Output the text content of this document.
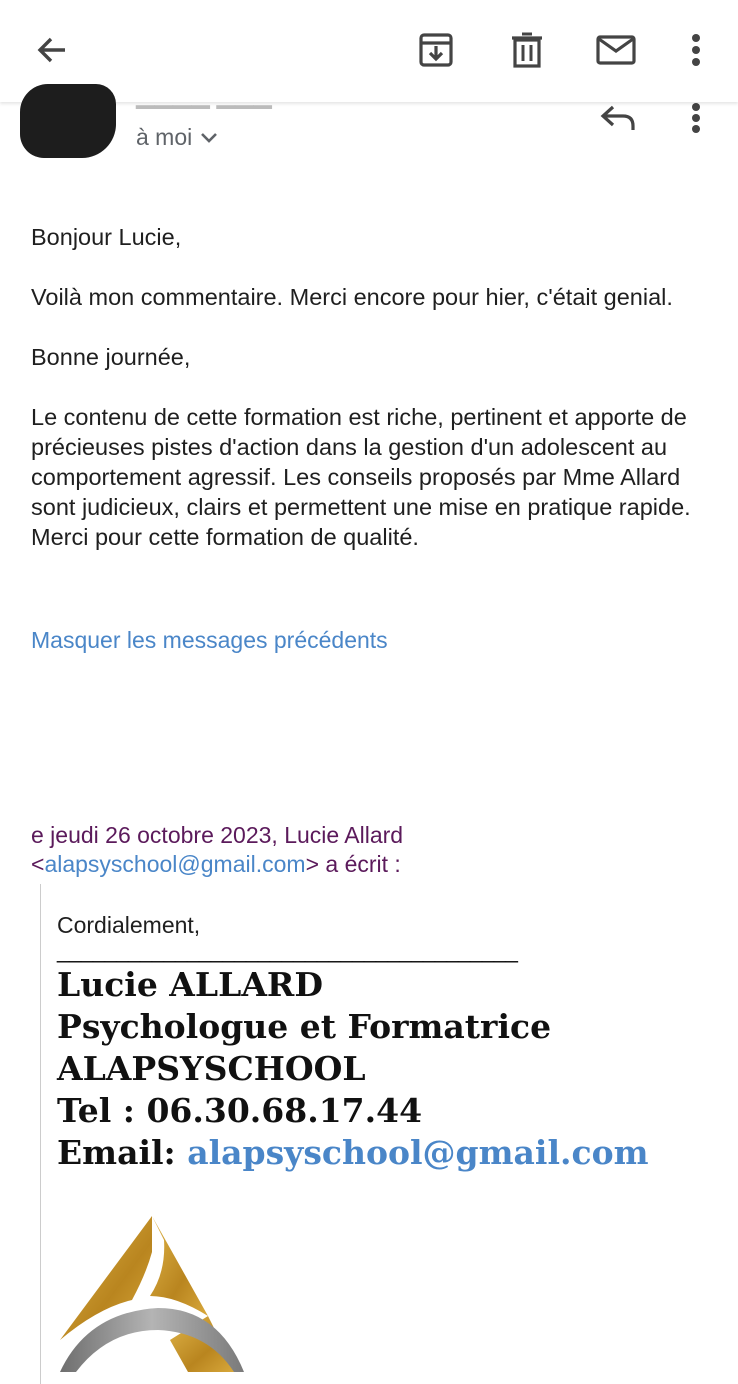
à moi
Bonjour Lucie,
Voilà mon commentaire. Merci encore pour hier, c'était genial.
Bonne journée,
Le contenu de cette formation est riche, pertinent et apporte de précieuses pistes d'action dans la gestion d'un adolescent au comportement agressif. Les conseils proposés par Mme Allard sont judicieux, clairs et permettent une mise en pratique rapide. Merci pour cette formation de qualité.
Masquer les messages précédents
e jeudi 26 octobre 2023, Lucie Allard
<alapsyschool@gmail.com> a écrit :

Cordialement,

_______________________________________

Lucie ALLARD

Psychologue et Formatrice

ALAPSYSCHOOL

Tel : 06.30.68.17.44

Email: alapsyschool@gmail.com
